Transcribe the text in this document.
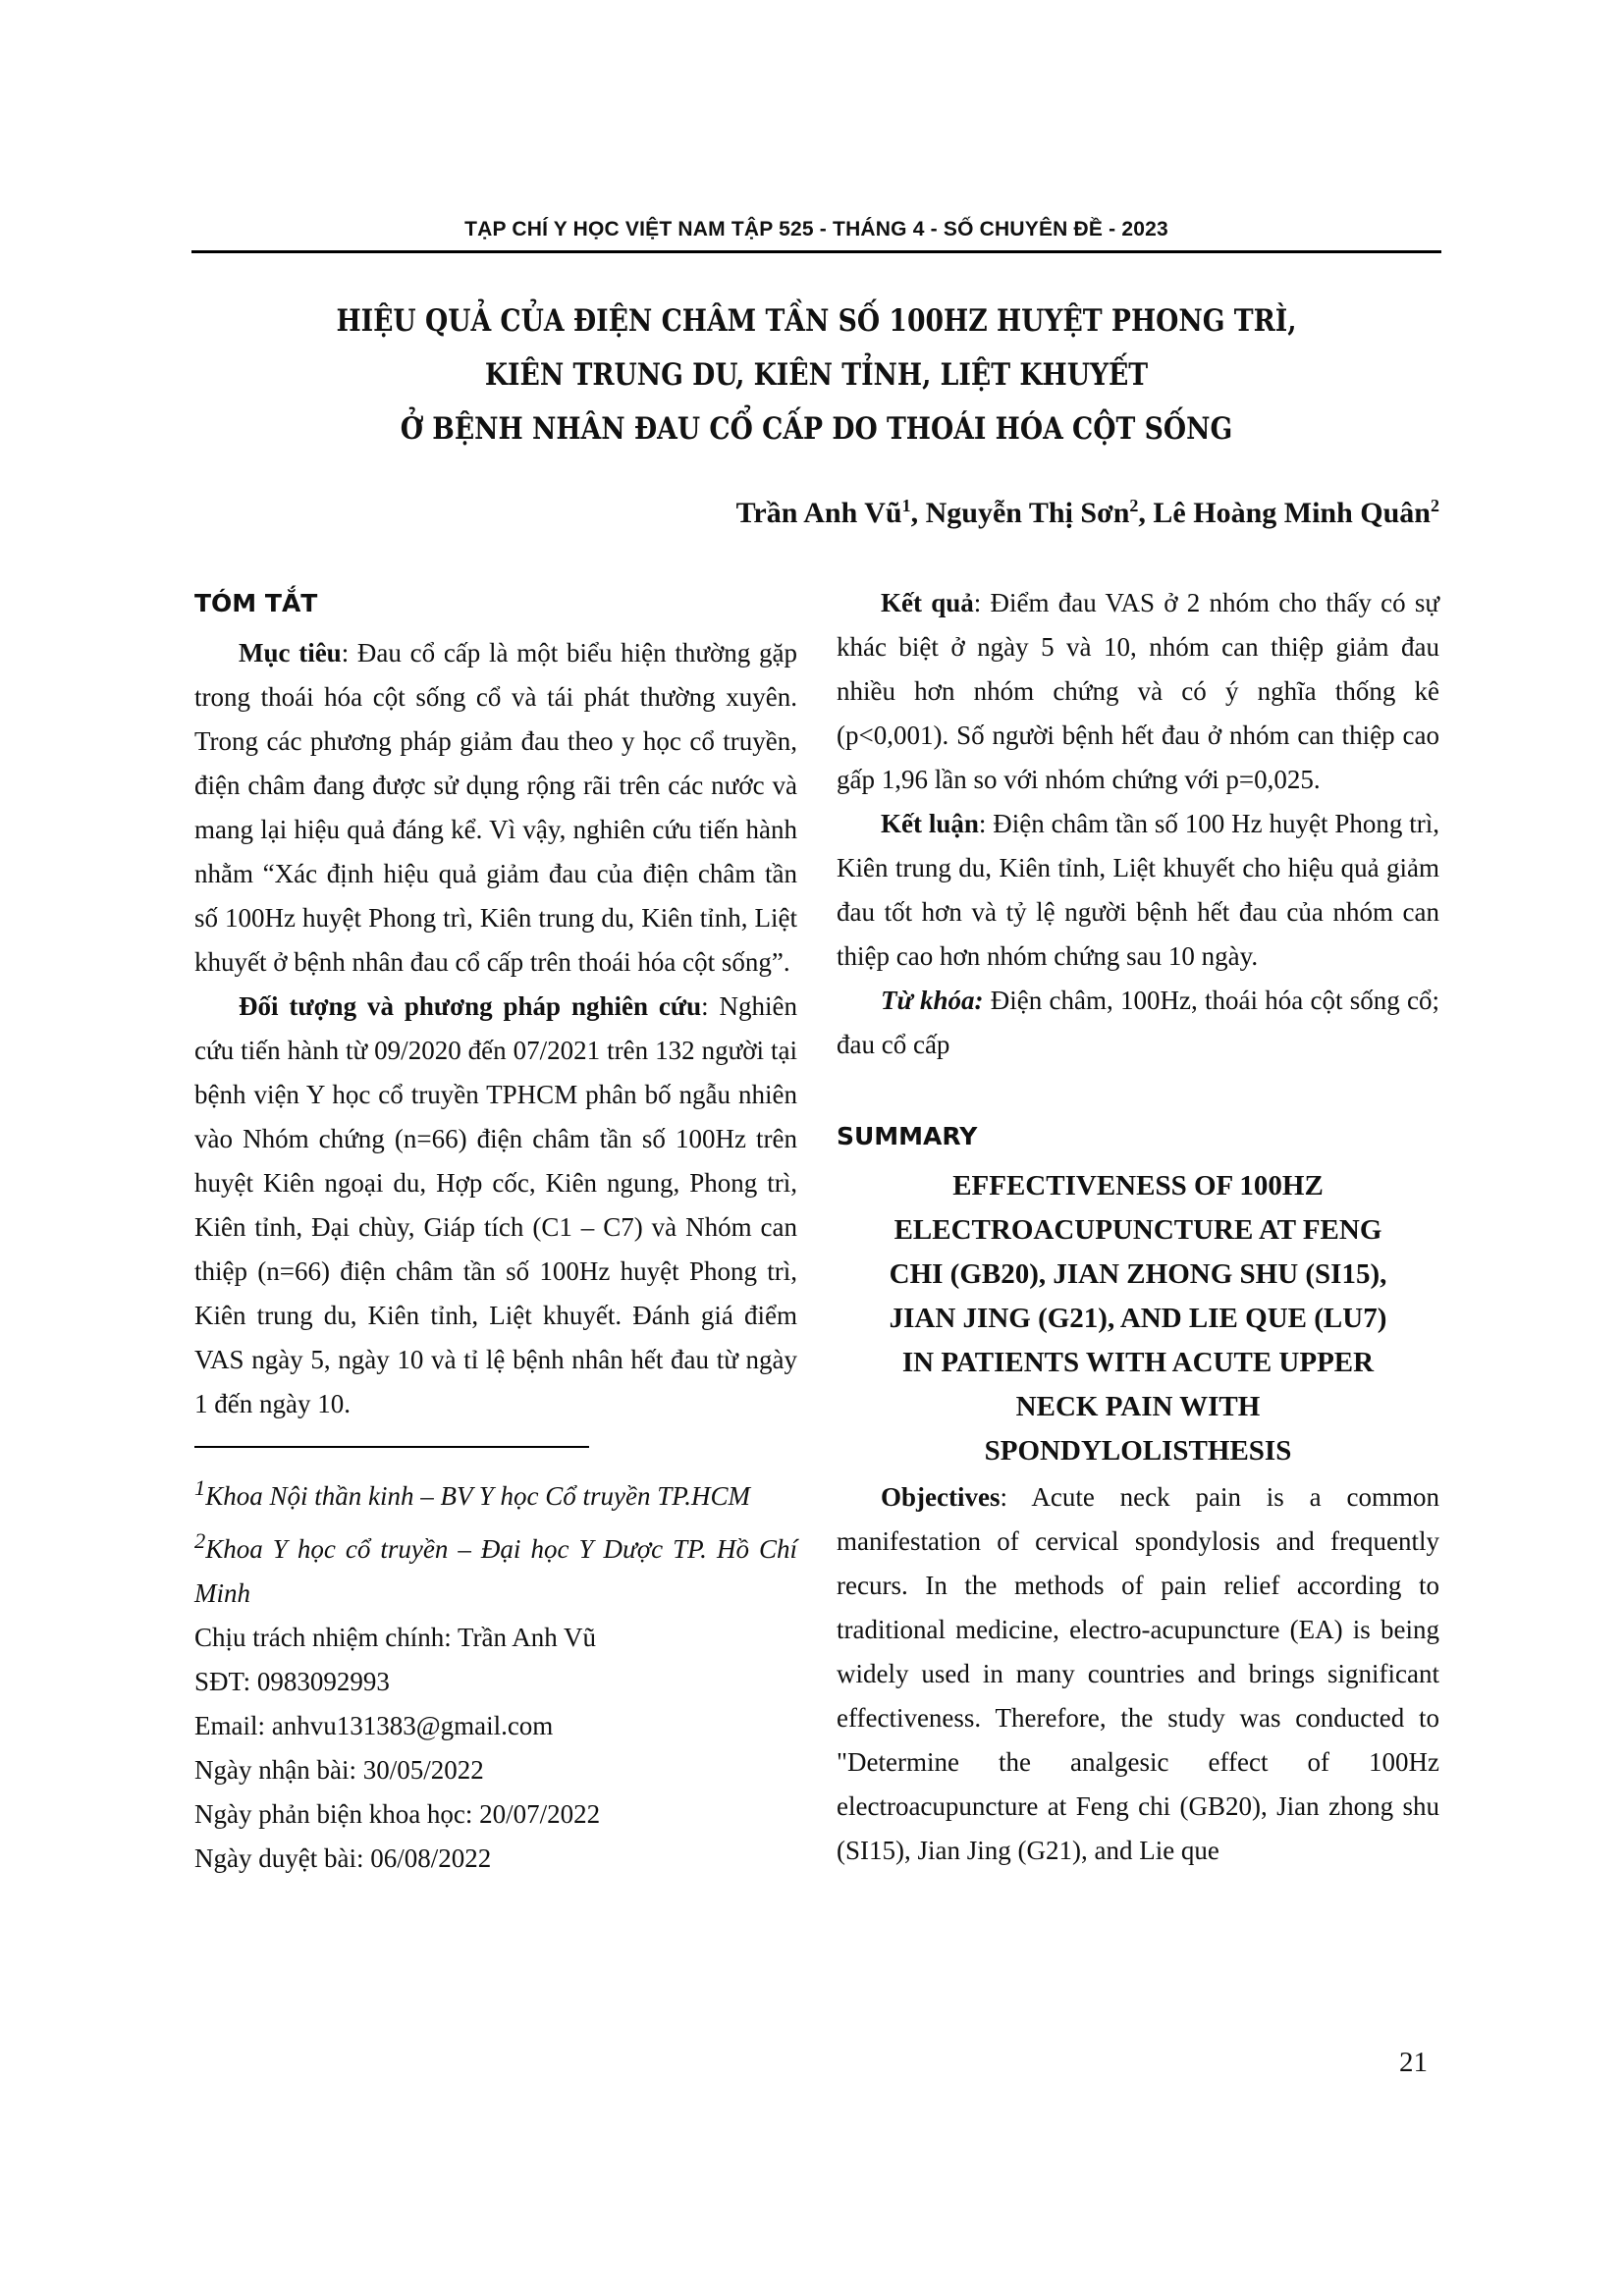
TẠP CHÍ Y HỌC VIỆT NAM TẬP 525 - THÁNG 4 - SỐ CHUYÊN ĐỀ - 2023
HIỆU QUẢ CỦA ĐIỆN CHÂM TẦN SỐ 100HZ HUYỆT PHONG TRÌ,
KIÊN TRUNG DU, KIÊN TỈNH, LIỆT KHUYẾT
Ở BỆNH NHÂN ĐAU CỔ CẤP DO THOÁI HÓA CỘT SỐNG
Trần Anh $Vũ^1$, Nguyễn Thị Sơn$^2$, Lê Hoàng Minh Quân$^2$
TÓM TẮT

Mục tiêu: Đau cổ cấp là một biểu hiện thường gặp trong thoái hóa cột sống cổ và tái phát thường xuyên. Trong các phương pháp giảm đau theo y học cổ truyền, điện châm đang được sử dụng rộng rãi trên các nước và mang lại hiệu quả đáng kể. Vì vậy, nghiên cứu tiến hành nhằm “Xác định hiệu quả giảm đau của điện châm tần số 100Hz huyệt Phong trì, Kiên trung du, Kiên tỉnh, Liệt khuyết ở bệnh nhân đau cổ cấp trên thoái hóa cột sống”.

Đối tượng và phương pháp nghiên cứu: Nghiên cứu tiến hành từ 09/2020 đến 07/2021 trên 132 người tại bệnh viện Y học cổ truyền TPHCM phân bố ngẫu nhiên vào Nhóm chứng (n=66) điện châm tần số 100Hz trên huyệt Kiên ngoại du, Hợp cốc, Kiên ngung, Phong trì, Kiên tỉnh, Đại chùy, Giáp tích (C1 – C7) và Nhóm can thiệp (n=66) điện châm tần số 100Hz huyệt Phong trì, Kiên trung du, Kiên tỉnh, Liệt khuyết. Đánh giá điểm VAS ngày 5, ngày 10 và tỉ lệ bệnh nhân hết đau từ ngày 1 đến ngày 10.

$^1$Khoa Nội thần kinh – BV Y học Cổ truyền TP.HCM

$^2$Khoa Y học cổ truyền – Đại học Y Dược TP. Hồ Chí Minh

Chịu trách nhiệm chính: Trần Anh Vũ

SĐT: 0983092993

Email: anhvu131383@gmail.com

Ngày nhận bài: 30/05/2022

Ngày phản biện khoa học: 20/07/2022

Ngày duyệt bài: 06/08/2022

Kết quả: Điểm đau VAS ở 2 nhóm cho thấy có sự khác biệt ở ngày 5 và 10, nhóm can thiệp giảm đau nhiều hơn nhóm chứng và có ý nghĩa thống kê (p<0,001). Số người bệnh hết đau ở nhóm can thiệp cao gấp 1,96 lần so với nhóm chứng với p=0,025.

Kết luận: Điện châm tần số 100 Hz huyệt Phong trì, Kiên trung du, Kiên tỉnh, Liệt khuyết cho hiệu quả giảm đau tốt hơn và tỷ lệ người bệnh hết đau của nhóm can thiệp cao hơn nhóm chứng sau 10 ngày.

Từ khóa: Điện châm, 100Hz, thoái hóa cột sống cổ; đau cổ cấp

SUMMARY
EFFECTIVENESS OF 100HZ
ELECTROACUPUNCTURE AT FENG
CHI (GB20), JIAN ZHONG SHU (SI15),
JIAN JING (G21), AND LIE QUE (LU7)
IN PATIENTS WITH ACUTE UPPER
NECK PAIN WITH
SPONDYLOLISTHESIS

Objectives: Acute neck pain is a common manifestation of cervical spondylosis and frequently recurs. In the methods of pain relief according to traditional medicine, electro-acupuncture (EA) is being widely used in many countries and brings significant effectiveness. Therefore, the study was conducted to "Determine the analgesic effect of 100Hz electroacupuncture at Feng chi (GB20), Jian zhong shu (SI15), Jian Jing (G21), and Lie que

21
